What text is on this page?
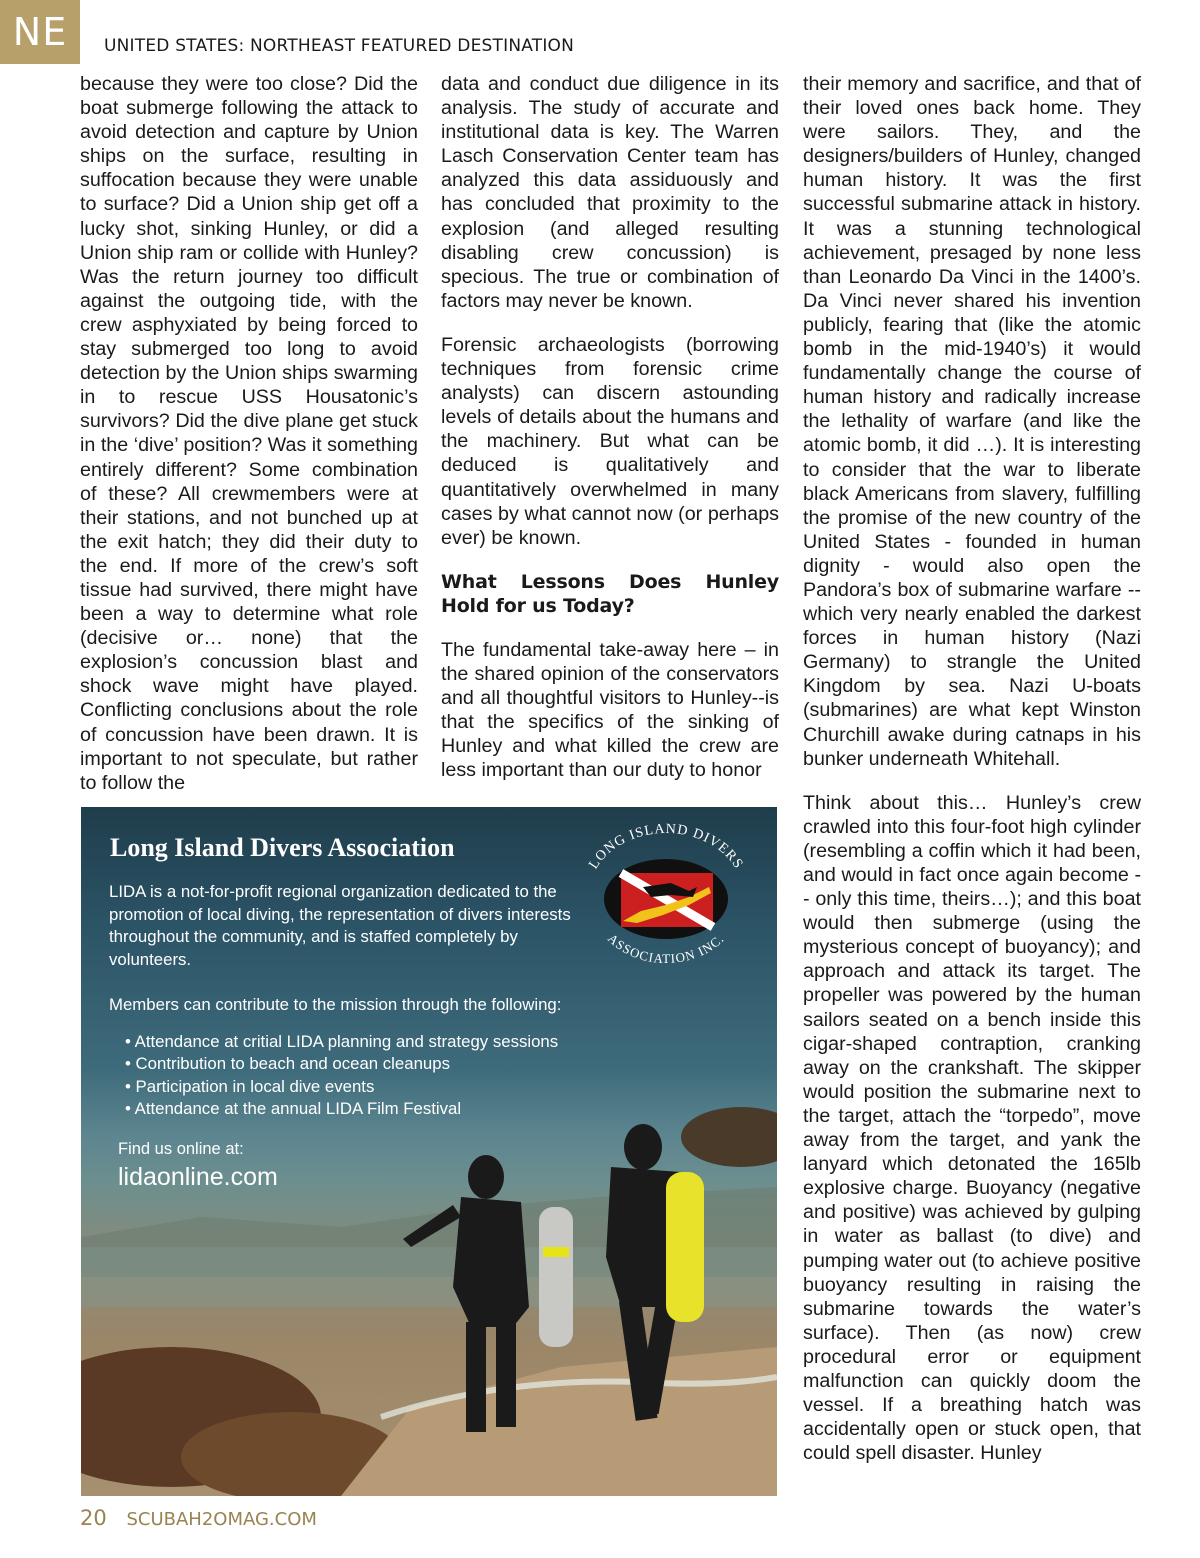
NE	UNITED STATES: NORTHEAST FEATURED DESTINATION

because they were too close? Did the boat submerge following the attack to avoid detection and capture by Union ships on the surface, resulting in suffocation because they were unable to surface? Did a Union ship get off a lucky shot, sinking Hunley, or did a Union ship ram or collide with Hunley? Was the return journey too difficult against the outgoing tide, with the crew asphyxiated by being forced to stay submerged too long to avoid detection by the Union ships swarming in to rescue USS Housatonic’s survivors? Did the dive plane get stuck in the ‘dive’ position? Was it something entirely different? Some combination of these? All crewmembers were at their stations, and not bunched up at the exit hatch; they did their duty to the end. If more of the crew’s soft tissue had survived, there might have been a way to determine what role (decisive or… none) that the explosion’s concussion blast and shock wave might have played. Conflicting conclusions about the role of concussion have been drawn. It is important to not speculate, but rather to follow the

data and conduct due diligence in its analysis. The study of accurate and institutional data is key. The Warren Lasch Conservation Center team has analyzed this data assiduously and has concluded that proximity to the explosion (and alleged resulting disabling crew concussion) is specious. The true or combination of factors may never be known.

Forensic archaeologists (borrowing techniques from forensic crime analysts) can discern astounding levels of details about the humans and the machinery. But what can be deduced is qualitatively and quantitatively overwhelmed in many cases by what cannot now (or perhaps ever) be known.

What Lessons Does Hunley Hold for us Today?

The fundamental take-away here – in the shared opinion of the conservators and all thoughtful visitors to Hunley--is that the specifics of the sinking of Hunley and what killed the crew are less important than our duty to honor

their memory and sacrifice, and that of their loved ones back home. They were sailors. They, and the designers/builders of Hunley, changed human history. It was the first successful submarine attack in history. It was a stunning technological achievement, presaged by none less than Leonardo Da Vinci in the 1400’s. Da Vinci never shared his invention publicly, fearing that (like the atomic bomb in the mid-1940’s) it would fundamentally change the course of human history and radically increase the lethality of warfare (and like the atomic bomb, it did …). It is interesting to consider that the war to liberate black Americans from slavery, fulfilling the promise of the new country of the United States - founded in human dignity - would also open the Pandora’s box of submarine warfare -- which very nearly enabled the darkest forces in human history (Nazi Germany) to strangle the United Kingdom by sea. Nazi U-boats (submarines) are what kept Winston Churchill awake during catnaps in his bunker underneath Whitehall.

Think about this… Hunley’s crew crawled into this four-foot high cylinder (resembling a coffin which it had been, and would in fact once again become -- only this time, theirs…); and this boat would then submerge (using the mysterious concept of buoyancy); and approach and attack its target. The propeller was powered by the human sailors seated on a bench inside this cigar-shaped contraption, cranking away on the crankshaft. The skipper would position the submarine next to the target, attach the “torpedo”, move away from the target, and yank the lanyard which detonated the 165lb explosive charge. Buoyancy (negative and positive) was achieved by gulping in water as ballast (to dive) and pumping water out (to achieve positive buoyancy resulting in raising the submarine towards the water’s surface). Then (as now) crew procedural error or equipment malfunction can quickly doom the vessel. If a breathing hatch was accidentally open or stuck open, that could spell disaster. Hunley

Long Island Divers Association
LIDA is a not-for-profit regional organization dedicated to the promotion of local diving, the representation of divers interests throughout the community, and is staffed completely by volunteers.
Members can contribute to the mission through the following:
• Attendance at critial LIDA planning and strategy sessions
• Contribution to beach and ocean cleanups
• Participation in local dive events
• Attendance at the annual LIDA Film Festival
Find us online at:
lidaonline.com
LONG ISLAND DIVERS
ASSOCIATION INC.
20 SCUBAH2OMAG.COM
